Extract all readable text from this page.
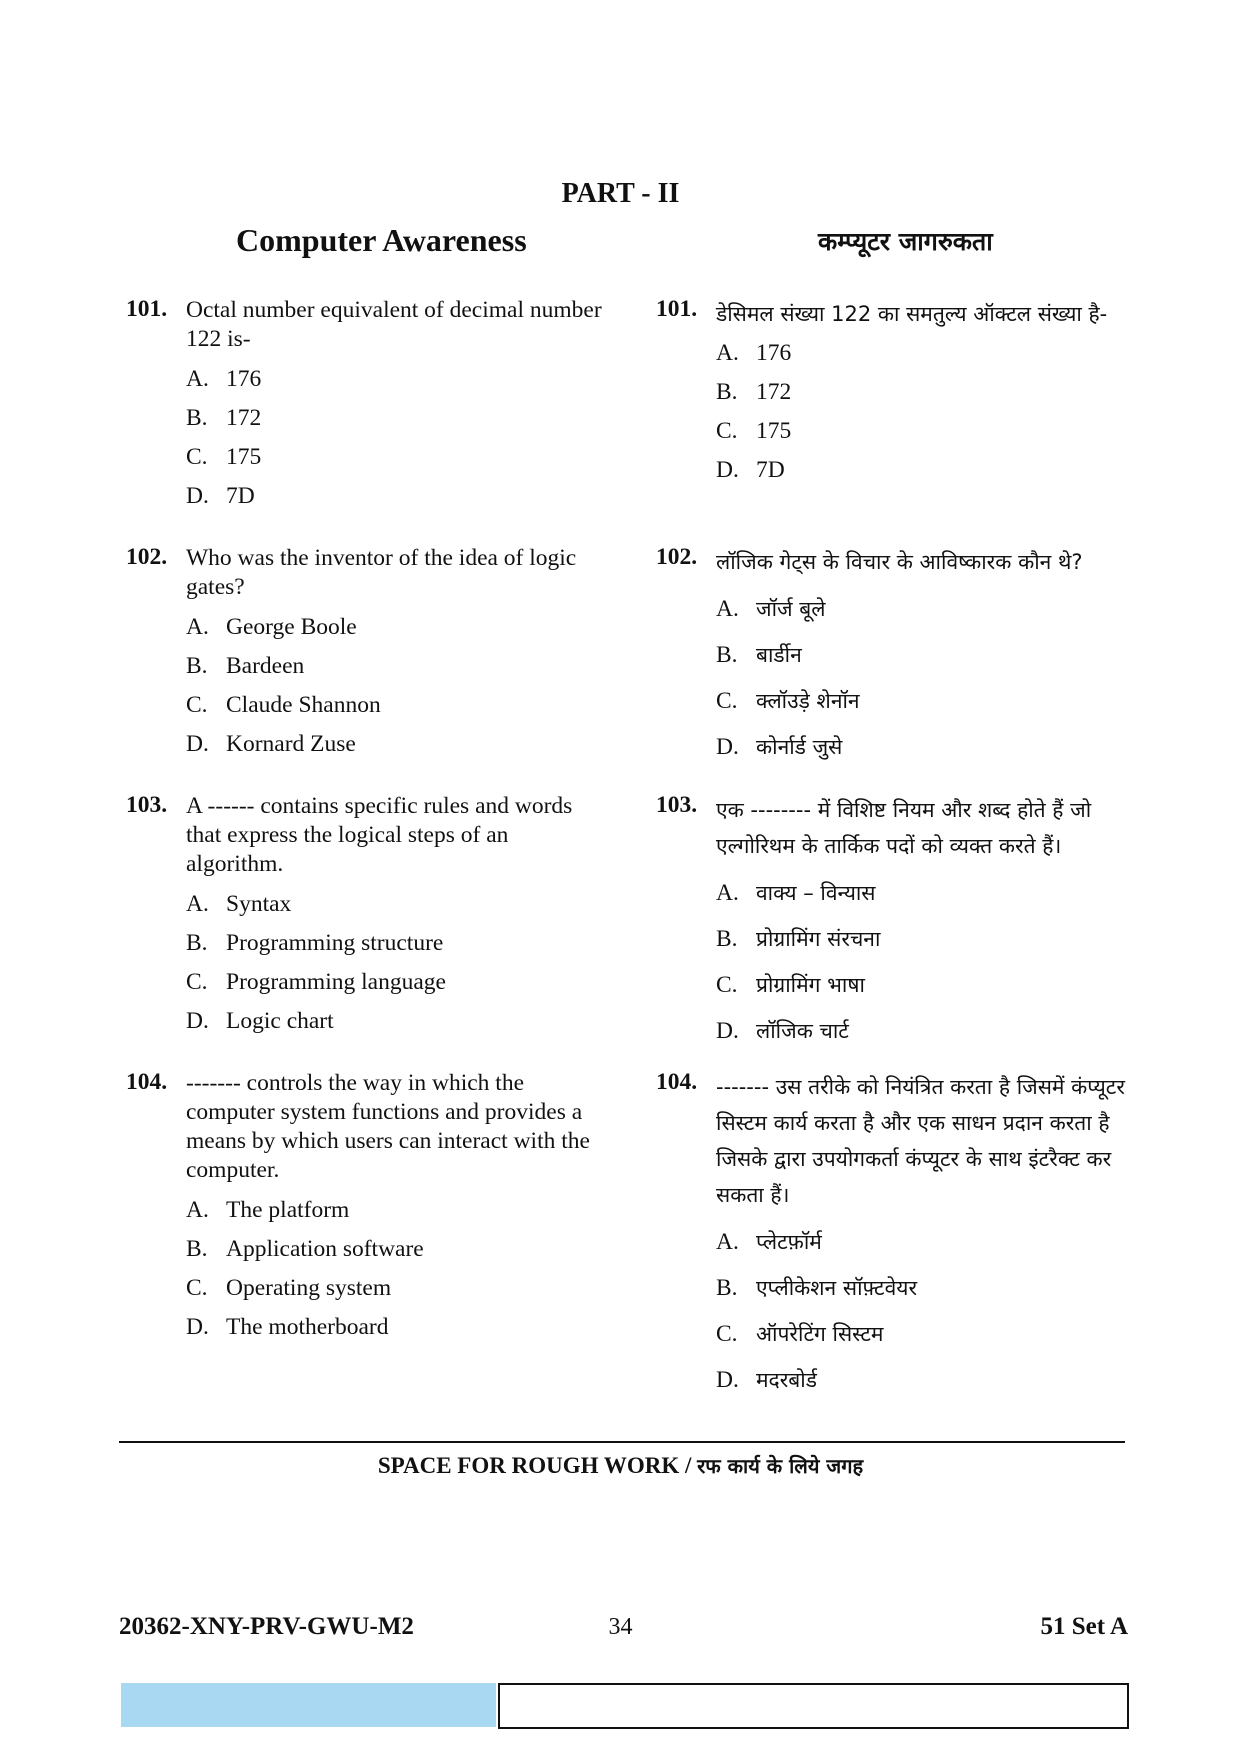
PART - II
Computer Awareness	कम्प्यूटर जागरुकता
101. Octal number equivalent of decimal number 122 is-
A. 176
B. 172
C. 175
D. 7D
102. Who was the inventor of the idea of logic gates?
A. George Boole
B. Bardeen
C. Claude Shannon
D. Kornard Zuse
103. A ------ contains specific rules and words that express the logical steps of an algorithm.
A. Syntax
B. Programming structure
C. Programming language
D. Logic chart
104. ------- controls the way in which the computer system functions and provides a means by which users can interact with the computer.
A. The platform
B. Application software
C. Operating system
D. The motherboard
101. डेसिमल संख्या 122 का समतुल्य ऑक्टल संख्या है-
A. 176
B. 172
C. 175
D. 7D
102. लॉजिक गेट्स के विचार के आविष्कारक कौन थे?
A. जॉर्ज बूले
B. बार्डीन
C. क्लॉउड़े शेनॉन
D. कोर्नार्ड जुसे
103. एक -------- में विशिष्ट नियम और शब्द होते हैं जो एल्गोरिथम के तार्किक पदों को व्यक्त करते हैं।
A. वाक्य – विन्यास
B. प्रोग्रामिंग संरचना
C. प्रोग्रामिंग भाषा
D. लॉजिक चार्ट
104. ------- उस तरीके को नियंत्रित करता है जिसमें कंप्यूटर सिस्टम कार्य करता है और एक साधन प्रदान करता है जिसके द्वारा उपयोगकर्ता कंप्यूटर के साथ इंटरैक्ट कर सकता हैं।
A. प्लेटफ़ॉर्म
B. एप्लीकेशन सॉफ़्टवेयर
C. ऑपरेटिंग सिस्टम
D. मदरबोर्ड
SPACE FOR ROUGH WORK / रफ कार्य के लिये जगह
20362-XNY-PRV-GWU-M2	34	51 Set A
